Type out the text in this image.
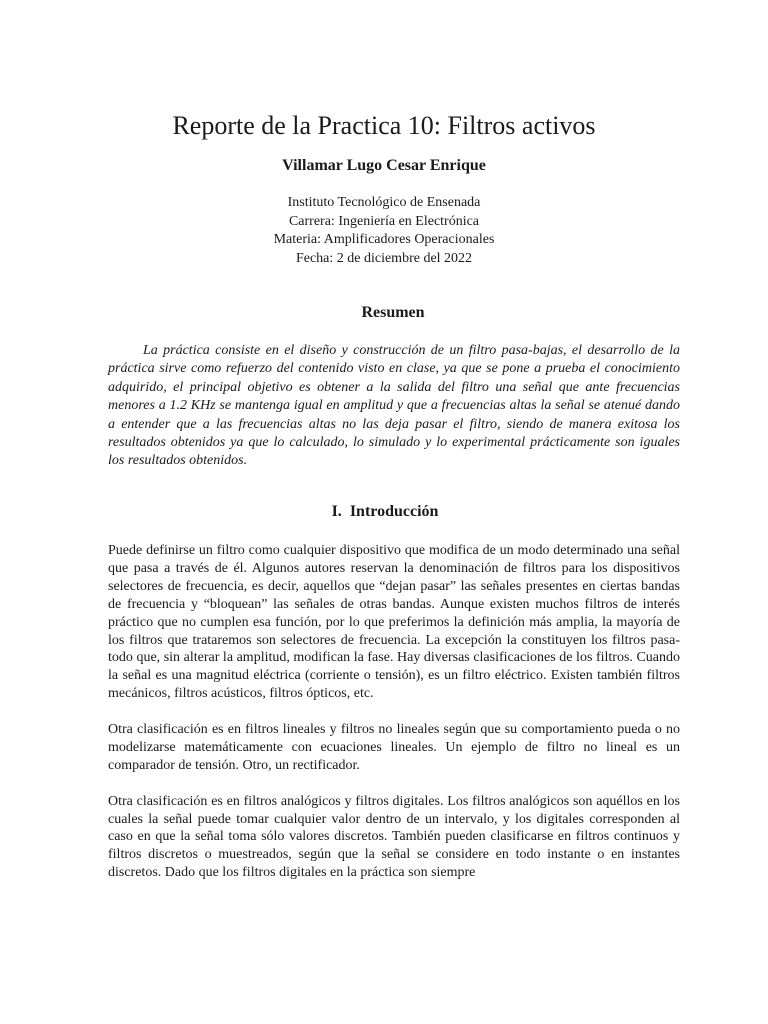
Reporte de la Practica 10: Filtros activos
Villamar Lugo Cesar Enrique
Instituto Tecnológico de Ensenada
Carrera: Ingeniería en Electrónica
Materia: Amplificadores Operacionales
Fecha: 2 de diciembre del 2022
Resumen

La práctica consiste en el diseño y construcción de un filtro pasa-bajas, el desarrollo de la práctica sirve como refuerzo del contenido visto en clase, ya que se pone a prueba el conocimiento adquirido, el principal objetivo es obtener a la salida del filtro una señal que ante frecuencias menores a 1.2 KHz se mantenga igual en amplitud y que a frecuencias altas la señal se atenué dando a entender que a las frecuencias altas no las deja pasar el filtro, siendo de manera exitosa los resultados obtenidos ya que lo calculado, lo simulado y lo experimental prácticamente son iguales los resultados obtenidos.

I. Introducción

Puede definirse un filtro como cualquier dispositivo que modifica de un modo determinado una señal que pasa a través de él. Algunos autores reservan la denominación de filtros para los dispositivos selectores de frecuencia, es decir, aquellos que “dejan pasar” las señales presentes en ciertas bandas de frecuencia y “bloquean” las señales de otras bandas. Aunque existen muchos filtros de interés práctico que no cumplen esa función, por lo que preferimos la definición más amplia, la mayoría de los filtros que trataremos son selectores de frecuencia. La excepción la constituyen los filtros pasa-todo que, sin alterar la amplitud, modifican la fase. Hay diversas clasificaciones de los filtros. Cuando la señal es una magnitud eléctrica (corriente o tensión), es un filtro eléctrico. Existen también filtros mecánicos, filtros acústicos, filtros ópticos, etc.

Otra clasificación es en filtros lineales y filtros no lineales según que su comportamiento pueda o no modelizarse matemáticamente con ecuaciones lineales. Un ejemplo de filtro no lineal es un comparador de tensión. Otro, un rectificador.

Otra clasificación es en filtros analógicos y filtros digitales. Los filtros analógicos son aquéllos en los cuales la señal puede tomar cualquier valor dentro de un intervalo, y los digitales corresponden al caso en que la señal toma sólo valores discretos. También pueden clasificarse en filtros continuos y filtros discretos o muestreados, según que la señal se considere en todo instante o en instantes discretos. Dado que los filtros digitales en la práctica son siempre
